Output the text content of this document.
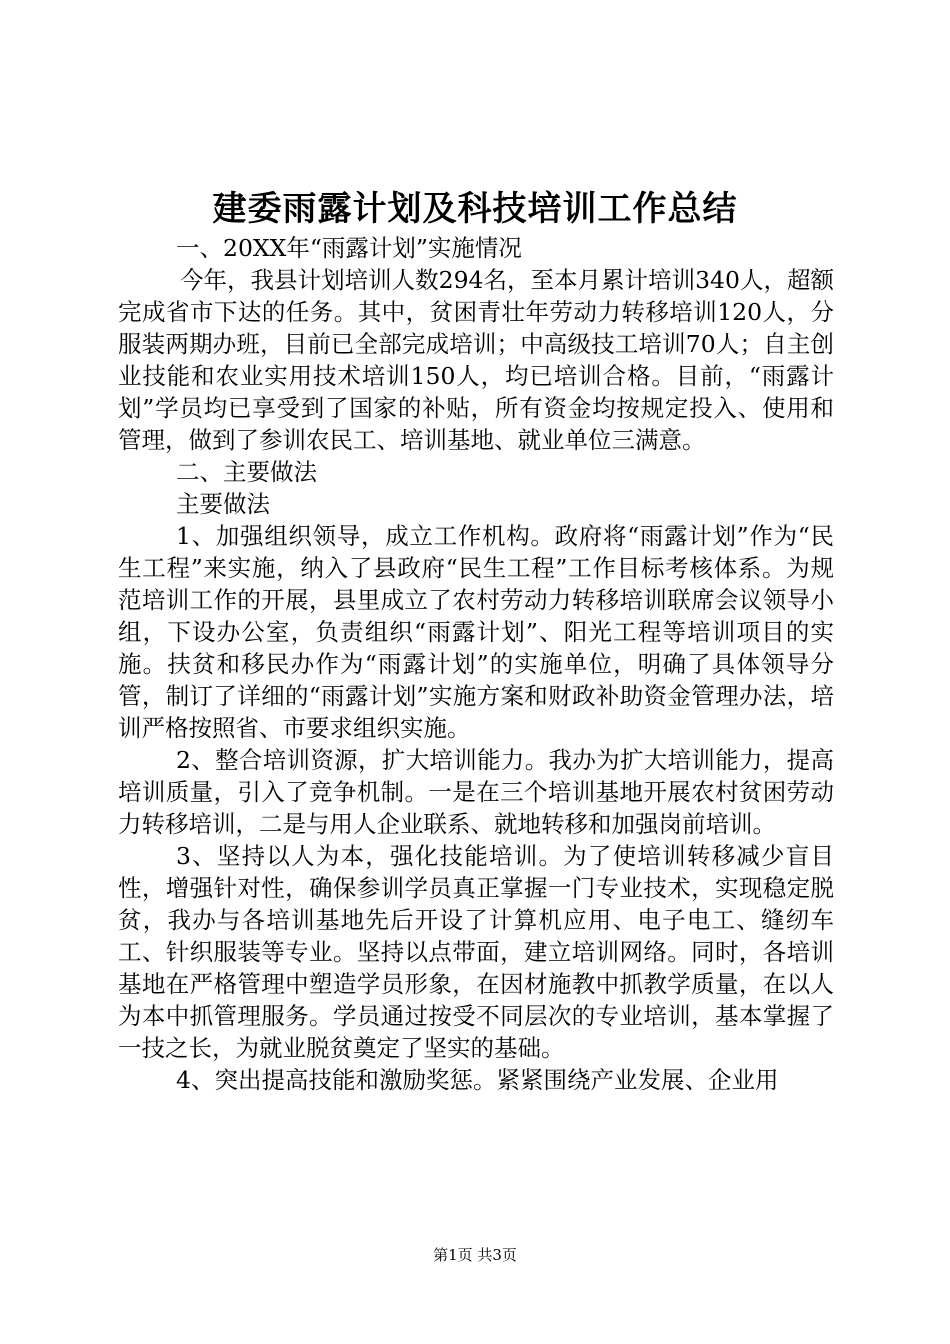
建委雨露计划及科技培训工作总结

一、20XX年“雨露计划”实施情况

今年，我县计划培训人数294名，至本月累计培训340人，超额完成省市下达的任务。其中，贫困青壮年劳动力转移培训120人，分服装两期办班，目前已全部完成培训；中高级技工培训70人；自主创业技能和农业实用技术培训150人，均已培训合格。目前，“雨露计划”学员均已享受到了国家的补贴，所有资金均按规定投入、使用和管理，做到了参训农民工、培训基地、就业单位三满意。

二、主要做法

主要做法

1、加强组织领导，成立工作机构。政府将“雨露计划”作为“民生工程”来实施，纳入了县政府“民生工程”工作目标考核体系。为规范培训工作的开展，县里成立了农村劳动力转移培训联席会议领导小组，下设办公室，负责组织“雨露计划”、阳光工程等培训项目的实施。扶贫和移民办作为“雨露计划”的实施单位，明确了具体领导分管，制订了详细的“雨露计划”实施方案和财政补助资金管理办法，培训严格按照省、市要求组织实施。

2、整合培训资源，扩大培训能力。我办为扩大培训能力，提高培训质量，引入了竞争机制。一是在三个培训基地开展农村贫困劳动力转移培训，二是与用人企业联系、就地转移和加强岗前培训。

3、坚持以人为本，强化技能培训。为了使培训转移减少盲目性，增强针对性，确保参训学员真正掌握一门专业技术，实现稳定脱贫，我办与各培训基地先后开设了计算机应用、电子电工、缝纫车工、针织服装等专业。坚持以点带面，建立培训网络。同时，各培训基地在严格管理中塑造学员形象，在因材施教中抓教学质量，在以人为本中抓管理服务。学员通过按受不同层次的专业培训，基本掌握了一技之长，为就业脱贫奠定了坚实的基础。

4、突出提高技能和激励奖惩。紧紧围绕产业发展、企业用

第1页 共3页
